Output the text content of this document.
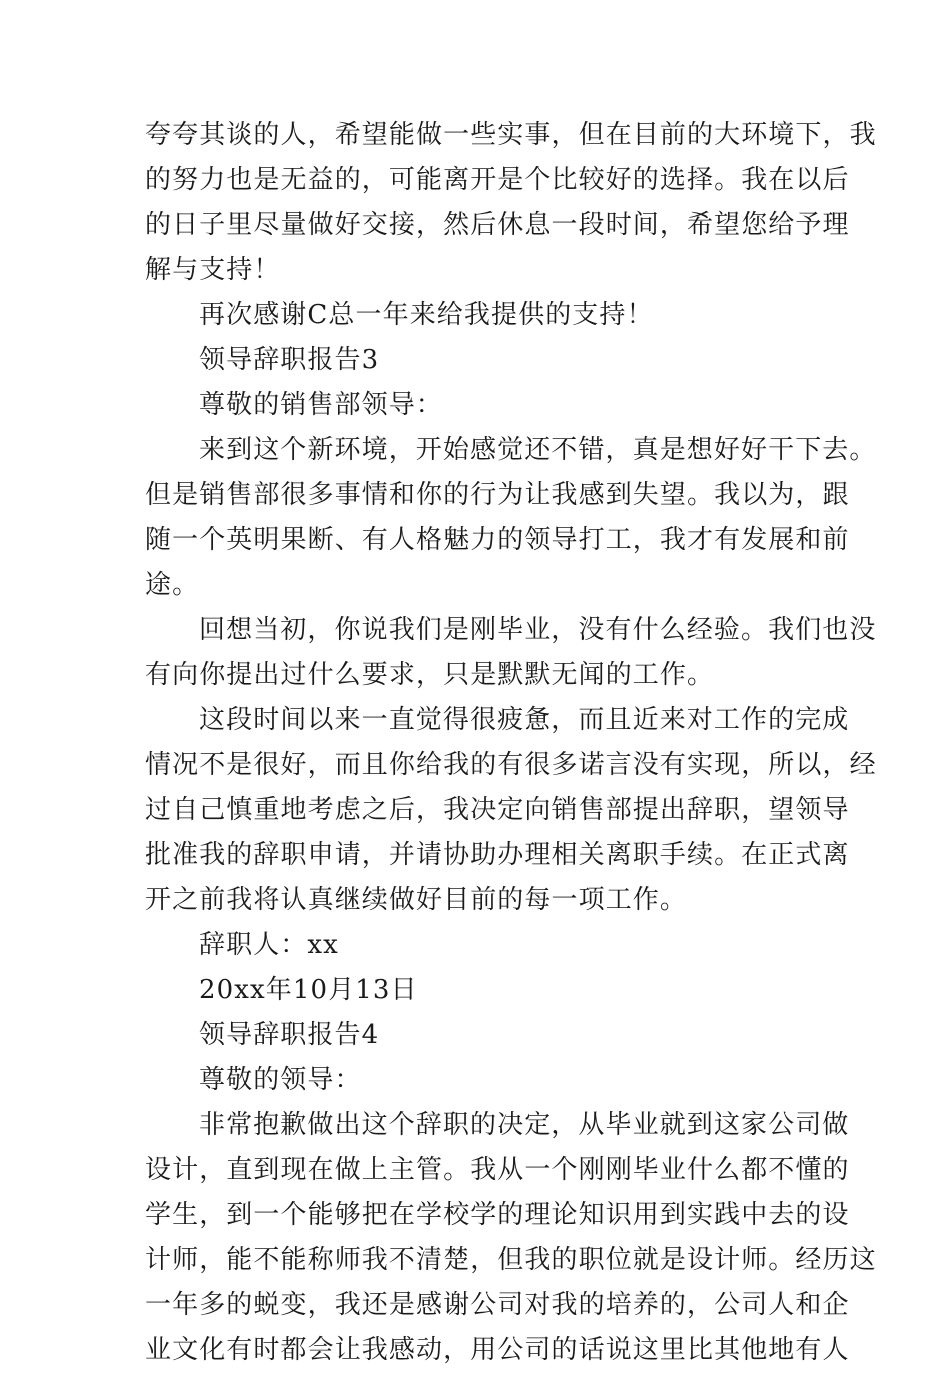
夸夸其谈的人，希望能做一些实事，但在目前的大环境下，我
的努力也是无益的，可能离开是个比较好的选择。我在以后
的日子里尽量做好交接，然后休息一段时间，希望您给予理
解与支持！
再次感谢C总一年来给我提供的支持！
领导辞职报告3
尊敬的销售部领导：
来到这个新环境，开始感觉还不错，真是想好好干下去。
但是销售部很多事情和你的行为让我感到失望。我以为，跟
随一个英明果断、有人格魅力的领导打工，我才有发展和前
途。
回想当初，你说我们是刚毕业，没有什么经验。我们也没
有向你提出过什么要求，只是默默无闻的工作。
这段时间以来一直觉得很疲惫，而且近来对工作的完成
情况不是很好，而且你给我的有很多诺言没有实现，所以，经
过自己慎重地考虑之后，我决定向销售部提出辞职，望领导
批准我的辞职申请，并请协助办理相关离职手续。在正式离
开之前我将认真继续做好目前的每一项工作。
辞职人：xx
20xx年10月13日
领导辞职报告4
尊敬的领导：
非常抱歉做出这个辞职的决定，从毕业就到这家公司做
设计，直到现在做上主管。我从一个刚刚毕业什么都不懂的
学生，到一个能够把在学校学的理论知识用到实践中去的设
计师，能不能称师我不清楚，但我的职位就是设计师。经历这
一年多的蜕变，我还是感谢公司对我的培养的，公司人和企
业文化有时都会让我感动，用公司的话说这里比其他地有人
